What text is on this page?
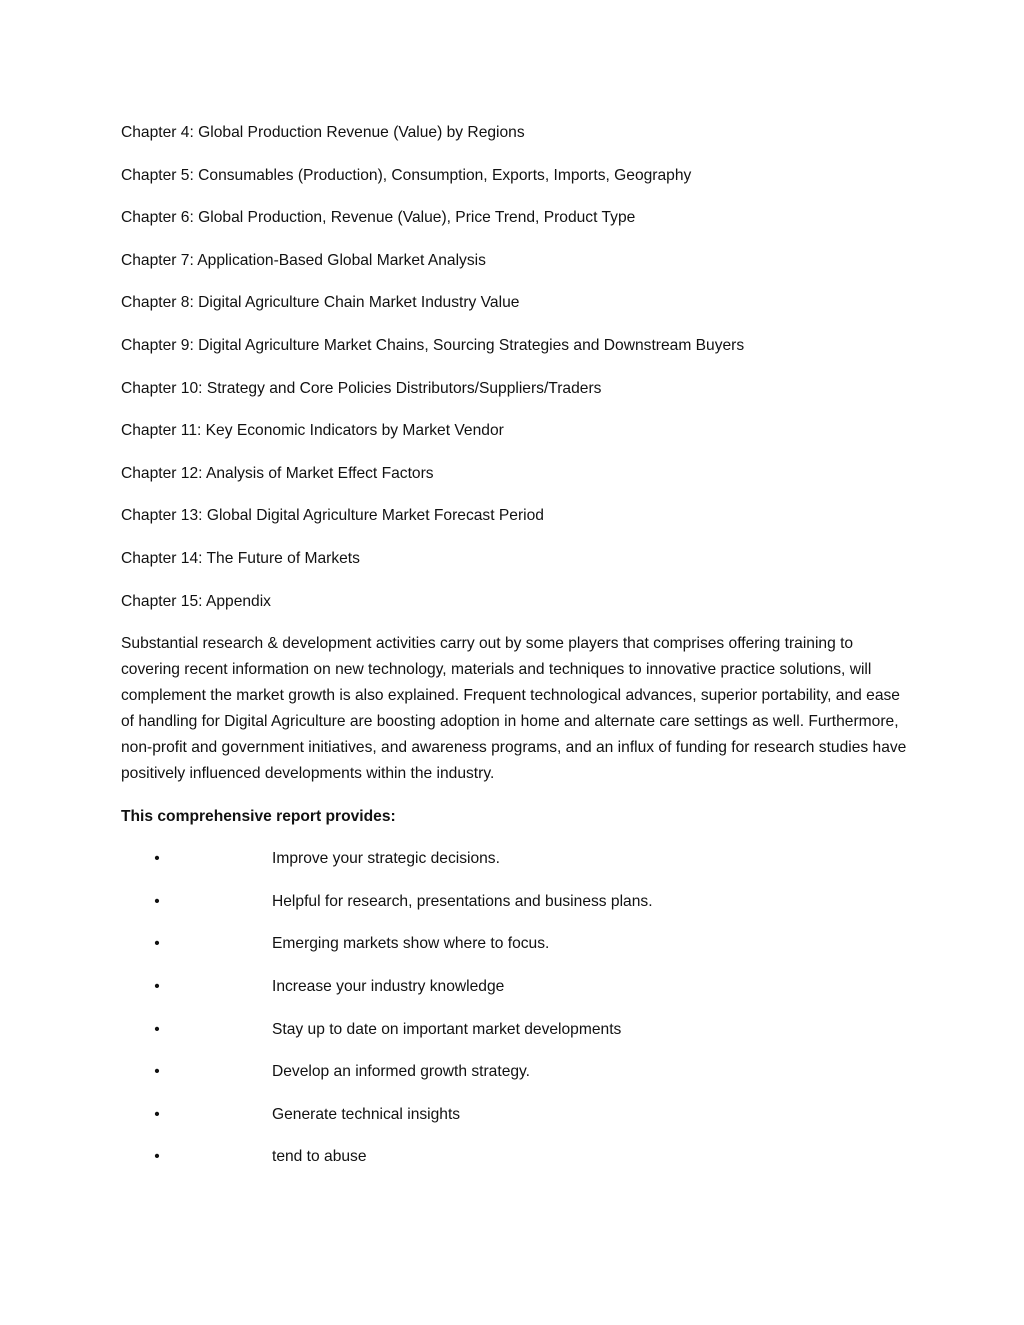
Chapter 4: Global Production Revenue (Value) by Regions

Chapter 5: Consumables (Production), Consumption, Exports, Imports, Geography

Chapter 6: Global Production, Revenue (Value), Price Trend, Product Type

Chapter 7: Application-Based Global Market Analysis

Chapter 8: Digital Agriculture Chain Market Industry Value

Chapter 9: Digital Agriculture Market Chains, Sourcing Strategies and Downstream Buyers

Chapter 10: Strategy and Core Policies Distributors/Suppliers/Traders

Chapter 11: Key Economic Indicators by Market Vendor

Chapter 12: Analysis of Market Effect Factors

Chapter 13: Global Digital Agriculture Market Forecast Period

Chapter 14: The Future of Markets

Chapter 15: Appendix

Substantial research & development activities carry out by some players that comprises offering training to covering recent information on new technology, materials and techniques to innovative practice solutions, will complement the market growth is also explained. Frequent technological advances, superior portability, and ease of handling for Digital Agriculture are boosting adoption in home and alternate care settings as well. Furthermore, non-profit and government initiatives, and awareness programs, and an influx of funding for research studies have positively influenced developments within the industry.

This comprehensive report provides:

•	Improve your strategic decisions.
•	Helpful for research, presentations and business plans.
•	Emerging markets show where to focus.
•	Increase your industry knowledge
•	Stay up to date on important market developments
•	Develop an informed growth strategy.
•	Generate technical insights
•	tend to abuse
